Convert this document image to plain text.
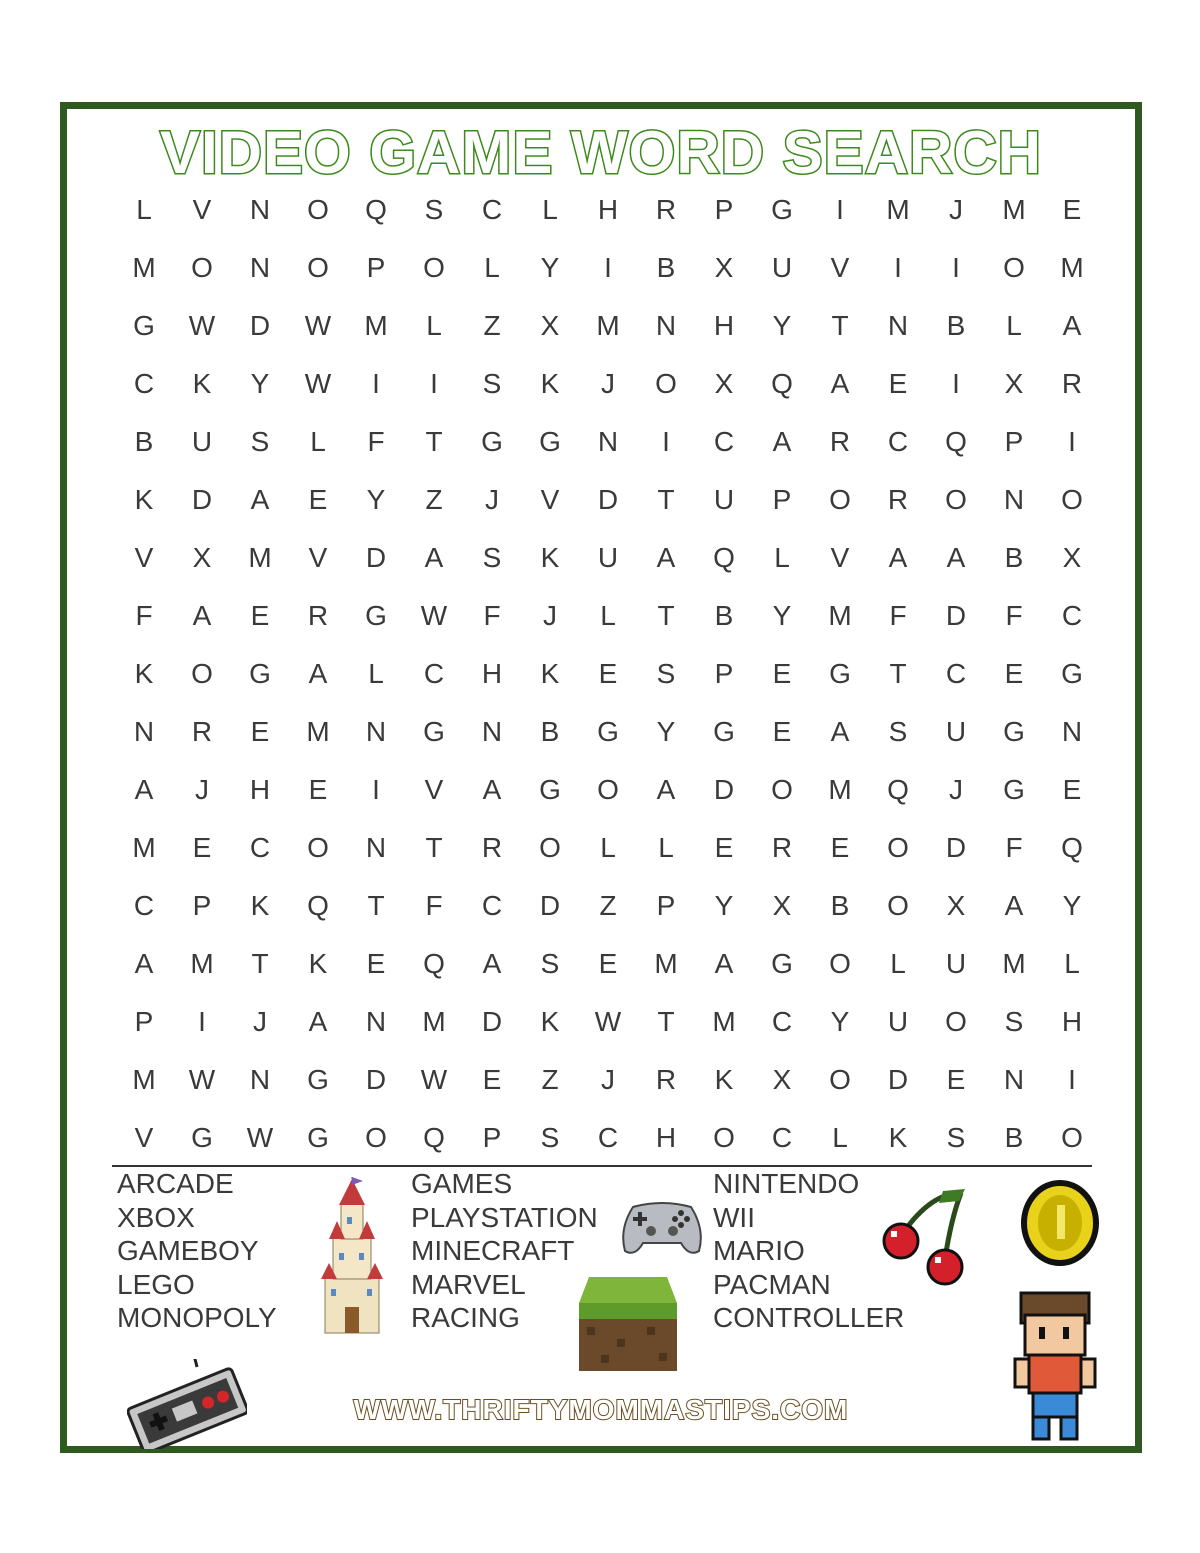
VIDEO GAME WORD SEARCH
L	V	N	O	Q	S	C	L	H	R	P	G	I	M	J	M	E
M	O	N	O	P	O	L	Y	I	B	X	U	V	I	I	O	M
G	W	D	W	M	L	Z	X	M	N	H	Y	T	N	B	L	A
C	K	Y	W	I	I	S	K	J	O	X	Q	A	E	I	X	R
B	U	S	L	F	T	G	G	N	I	C	A	R	C	Q	P	I
K	D	A	E	Y	Z	J	V	D	T	U	P	O	R	O	N	O
V	X	M	V	D	A	S	K	U	A	Q	L	V	A	A	B	X
F	A	E	R	G	W	F	J	L	T	B	Y	M	F	D	F	C
K	O	G	A	L	C	H	K	E	S	P	E	G	T	C	E	G
N	R	E	M	N	G	N	B	G	Y	G	E	A	S	U	G	N
A	J	H	E	I	V	A	G	O	A	D	O	M	Q	J	G	E
M	E	C	O	N	T	R	O	L	L	E	R	E	O	D	F	Q
C	P	K	Q	T	F	C	D	Z	P	Y	X	B	O	X	A	Y
A	M	T	K	E	Q	A	S	E	M	A	G	O	L	U	M	L
P	I	J	A	N	M	D	K	W	T	M	C	Y	U	O	S	H
M	W	N	G	D	W	E	Z	J	R	K	X	O	D	E	N	I
V	G	W	G	O	Q	P	S	C	H	O	C	L	K	S	B	O
ARCADE
XBOX
GAMEBOY
LEGO
MONOPOLY
GAMES
PLAYSTATION
MINECRAFT
MARVEL
RACING
NINTENDO
WII
MARIO
PACMAN
CONTROLLER
WWW.THRIFTYMOMMASTIPS.COM
